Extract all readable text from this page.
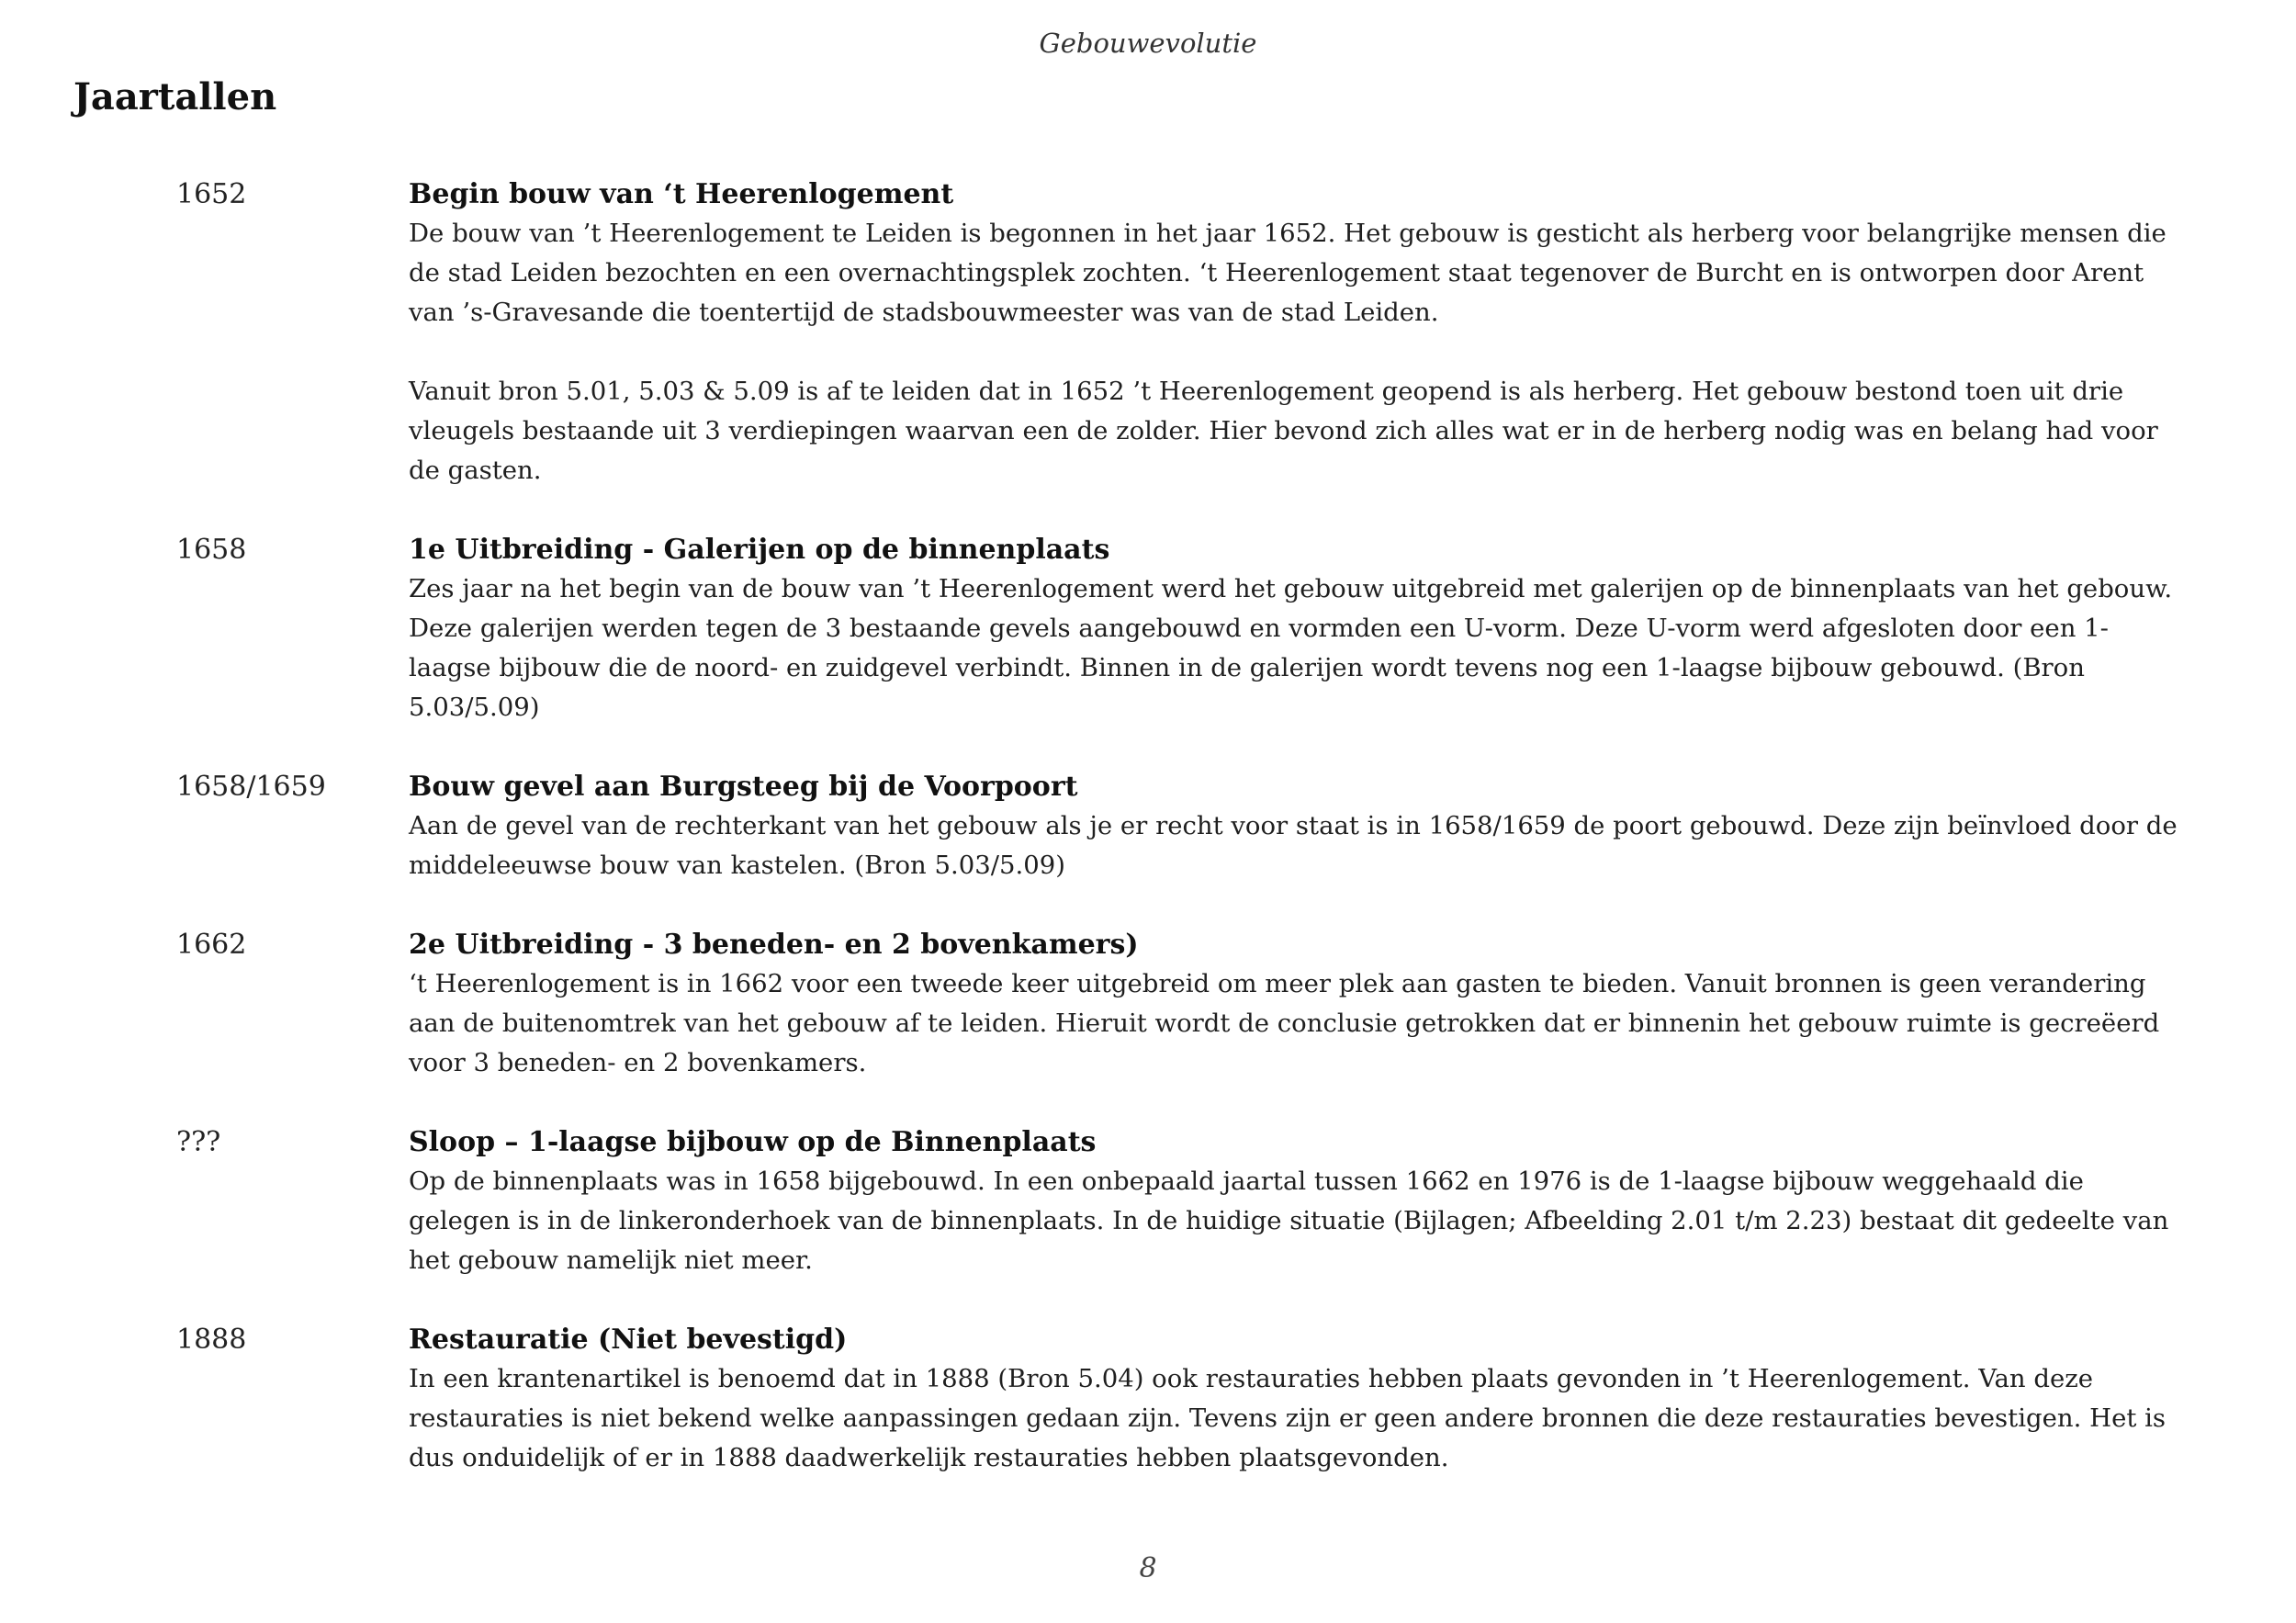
Gebouwevolutie
Jaartallen
1652	Begin bouw van ‘t Heerenlogement

De bouw van ’t Heerenlogement te Leiden is begonnen in het jaar 1652. Het gebouw is gesticht als herberg voor belangrijke mensen die de stad Leiden bezochten en een overnachtingsplek zochten. ‘t Heerenlogement staat tegenover de Burcht en is ontworpen door Arent van ’s-Gravesande die toentertijd de stadsbouwmeester was van de stad Leiden.

Vanuit bron 5.01, 5.03 & 5.09 is af te leiden dat in 1652 ’t Heerenlogement geopend is als herberg. Het gebouw bestond toen uit drie vleugels bestaande uit 3 verdiepingen waarvan een de zolder. Hier bevond zich alles wat er in de herberg nodig was en belang had voor de gasten.

1658	1e Uitbreiding - Galerijen op de binnenplaats

Zes jaar na het begin van de bouw van ’t Heerenlogement werd het gebouw uitgebreid met galerijen op de binnenplaats van het gebouw. Deze galerijen werden tegen de 3 bestaande gevels aangebouwd en vormden een U-vorm. Deze U-vorm werd afgesloten door een 1-laagse bijbouw die de noord- en zuidgevel verbindt. Binnen in de galerijen wordt tevens nog een 1-laagse bijbouw gebouwd. (Bron 5.03/5.09)

1658/1659	Bouw gevel aan Burgsteeg bij de Voorpoort

Aan de gevel van de rechterkant van het gebouw als je er recht voor staat is in 1658/1659 de poort gebouwd. Deze zijn beïnvloed door de middeleeuwse bouw van kastelen. (Bron 5.03/5.09)

1662	2e Uitbreiding - 3 beneden- en 2 bovenkamers)

‘t Heerenlogement is in 1662 voor een tweede keer uitgebreid om meer plek aan gasten te bieden. Vanuit bronnen is geen verandering aan de buitenomtrek van het gebouw af te leiden. Hieruit wordt de conclusie getrokken dat er binnenin het gebouw ruimte is gecreëerd voor 3 beneden- en 2 bovenkamers.

???	Sloop – 1-laagse bijbouw op de Binnenplaats

Op de binnenplaats was in 1658 bijgebouwd. In een onbepaald jaartal tussen 1662 en 1976 is de 1-laagse bijbouw weggehaald die gelegen is in de linkeronderhoek van de binnenplaats. In de huidige situatie (Bijlagen; Afbeelding 2.01 t/m 2.23) bestaat dit gedeelte van het gebouw namelijk niet meer.

1888	Restauratie (Niet bevestigd)

In een krantenartikel is benoemd dat in 1888 (Bron 5.04) ook restauraties hebben plaats gevonden in ’t Heerenlogement. Van deze restauraties is niet bekend welke aanpassingen gedaan zijn. Tevens zijn er geen andere bronnen die deze restauraties bevestigen. Het is dus onduidelijk of er in 1888 daadwerkelijk restauraties hebben plaatsgevonden.

8
